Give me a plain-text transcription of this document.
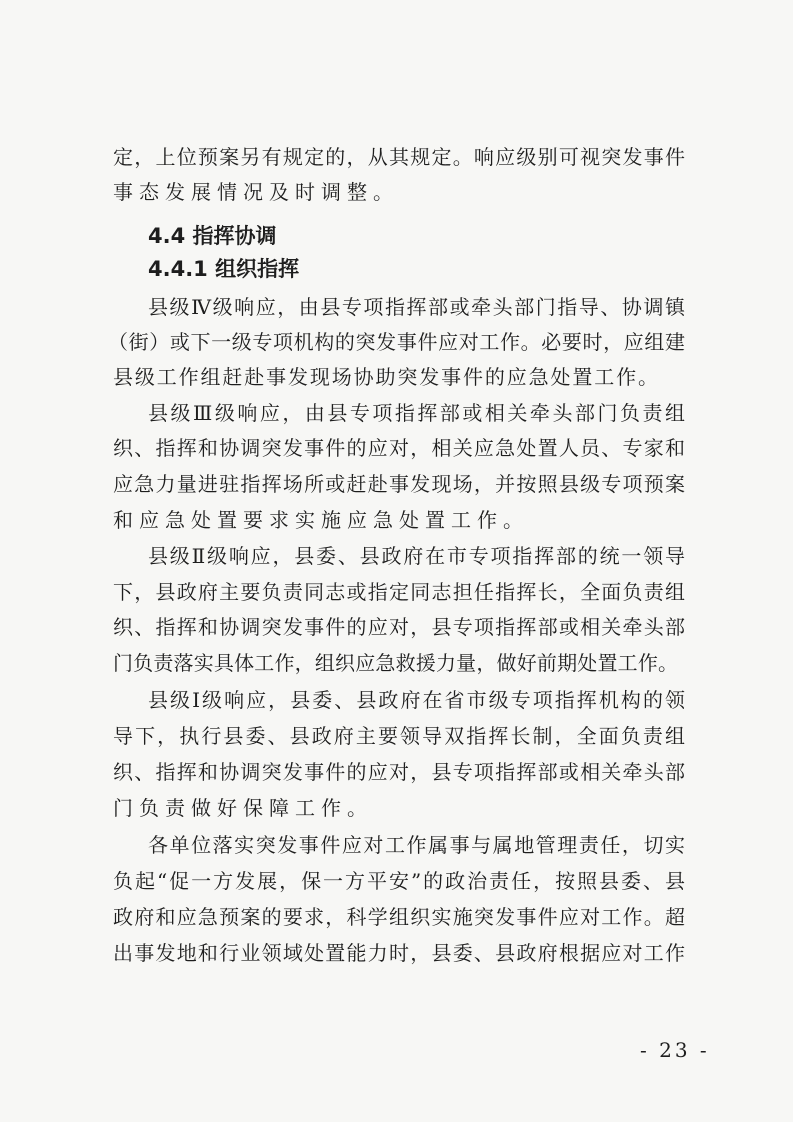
定，上位预案另有规定的，从其规定。响应级别可视突发事件
事态发展情况及时调整。
4.4 指挥协调
4.4.1 组织指挥
县级Ⅳ级响应，由县专项指挥部或牵头部门指导、协调镇
（街）或下一级专项机构的突发事件应对工作。必要时，应组建
县级工作组赶赴事发现场协助突发事件的应急处置工作。
县级Ⅲ级响应，由县专项指挥部或相关牵头部门负责组
织、指挥和协调突发事件的应对，相关应急处置人员、专家和
应急力量进驻指挥场所或赶赴事发现场，并按照县级专项预案
和应急处置要求实施应急处置工作。
县级Ⅱ级响应，县委、县政府在市专项指挥部的统一领导
下，县政府主要负责同志或指定同志担任指挥长，全面负责组
织、指挥和协调突发事件的应对，县专项指挥部或相关牵头部
门负责落实具体工作，组织应急救援力量，做好前期处置工作。
县级Ⅰ级响应，县委、县政府在省市级专项指挥机构的领
导下，执行县委、县政府主要领导双指挥长制，全面负责组
织、指挥和协调突发事件的应对，县专项指挥部或相关牵头部
门负责做好保障工作。
各单位落实突发事件应对工作属事与属地管理责任，切实
负起“促一方发展，保一方平安”的政治责任，按照县委、县
政府和应急预案的要求，科学组织实施突发事件应对工作。超
出事发地和行业领域处置能力时，县委、县政府根据应对工作
- 23 -
